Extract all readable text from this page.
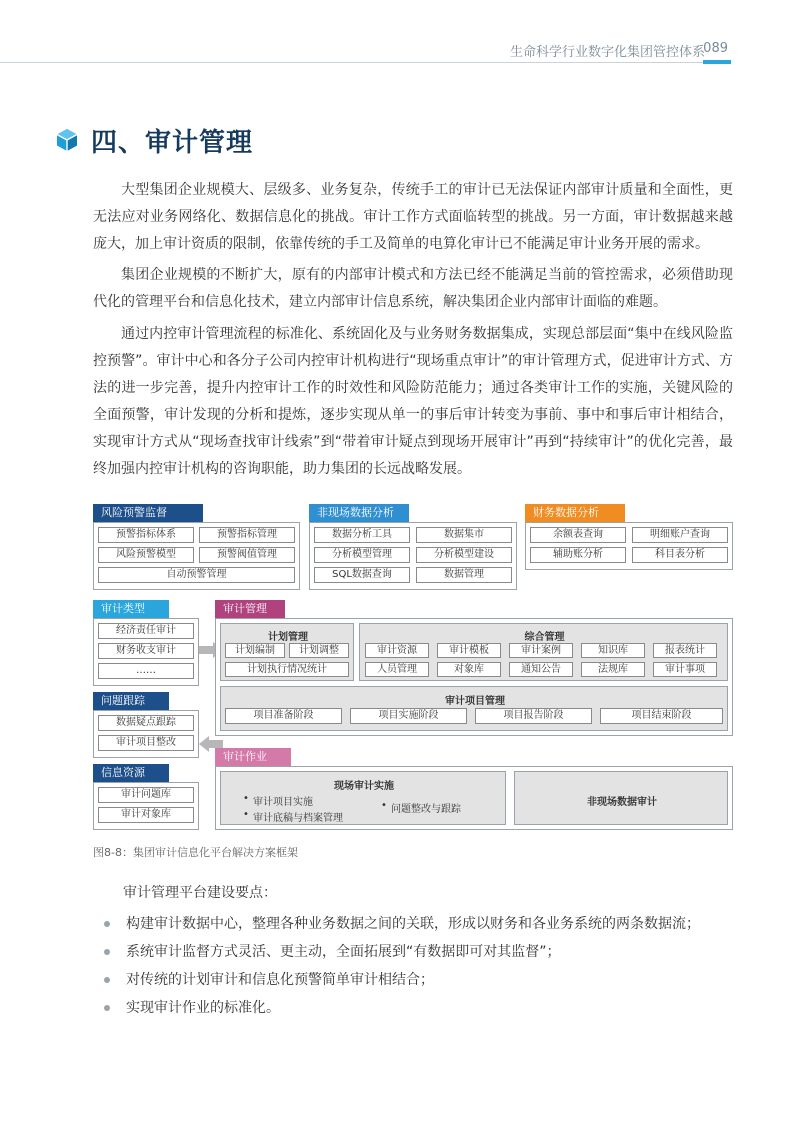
生命科学行业数字化集团管控体系
089
四、审计管理

大型集团企业规模大、层级多、业务复杂，传统手工的审计已无法保证内部审计质量和全面性，更无法应对业务网络化、数据信息化的挑战。审计工作方式面临转型的挑战。另一方面，审计数据越来越庞大，加上审计资质的限制，依靠传统的手工及简单的电算化审计已不能满足审计业务开展的需求。

集团企业规模的不断扩大，原有的内部审计模式和方法已经不能满足当前的管控需求，必须借助现代化的管理平台和信息化技术，建立内部审计信息系统，解决集团企业内部审计面临的难题。

通过内控审计管理流程的标准化、系统固化及与业务财务数据集成，实现总部层面“集中在线风险监控预警”。审计中心和各分子公司内控审计机构进行“现场重点审计”的审计管理方式，促进审计方式、方法的进一步完善，提升内控审计工作的时效性和风险防范能力；通过各类审计工作的实施，关键风险的全面预警，审计发现的分析和提炼，逐步实现从单一的事后审计转变为事前、事中和事后审计相结合，实现审计方式从“现场查找审计线索”到“带着审计疑点到现场开展审计”再到“持续审计”的优化完善，最终加强内控审计机构的咨询职能，助力集团的长远战略发展。

风险预警监督
预警指标体系	预警指标管理
风险预警模型	预警阀值管理
自动预警管理
非现场数据分析
数据分析工具	数据集市
分析模型管理	分析模型建设
SQL数据查询	数据管理
财务数据分析
余额表查询	明细账户查询
辅助账分析	科目表分析
审计类型
经济责任审计
财务收支审计
……
问题跟踪
数据疑点跟踪
审计项目整改
信息资源
审计问题库
审计对象库
审计管理
计划管理
计划编制	计划调整
计划执行情况统计
综合管理
审计资源	审计模板	审计案例	知识库	报表统计
人员管理	对象库	通知公告	法规库	审计事项
审计项目管理
项目准备阶段	项目实施阶段	项目报告阶段	项目结束阶段
审计作业
现场审计实施
• 审计项目实施
• 审计底稿与档案管理
• 问题整改与跟踪
非现场数据审计
图8-8：集团审计信息化平台解决方案框架
审计管理平台建设要点：
构建审计数据中心，整理各种业务数据之间的关联，形成以财务和各业务系统的两条数据流；
系统审计监督方式灵活、更主动，全面拓展到“有数据即可对其监督”；
对传统的计划审计和信息化预警简单审计相结合；
实现审计作业的标准化。
